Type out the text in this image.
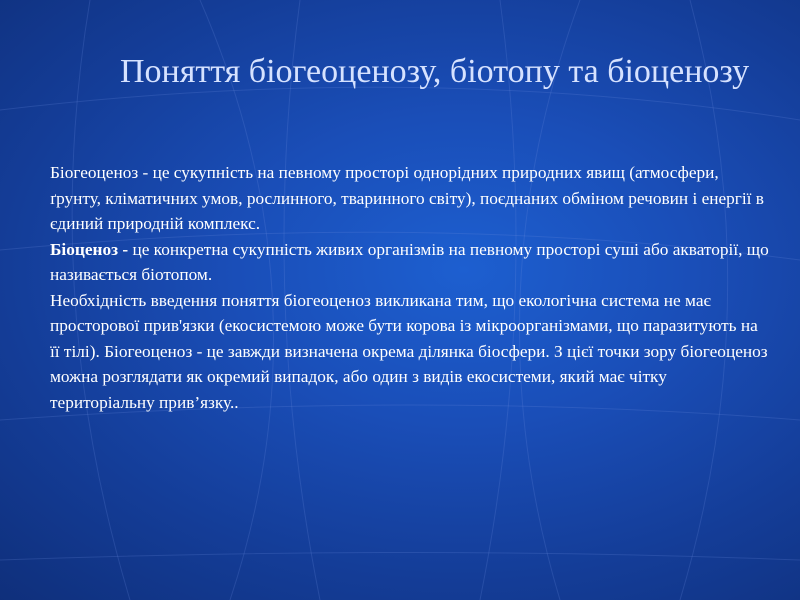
Поняття біогеоценозу, біотопу та біоценозу

Біогеоценоз - це сукупність на певному просторі однорідних природних явищ (атмосфери, ґрунту, кліматичних умов, рослинного, тваринного світу), поєднаних обміном речовин і енергії в єдиний природній комплекс.

Біоценоз - це конкретна сукупність живих організмів на певному просторі суші або акваторії, що називається біотопом.

Необхідність введення поняття біогеоценоз викликана тим, що екологічна система не має просторової прив'язки (екосистемою може бути корова із мікроорганізмами, що паразитують на її тілі). Біогеоценоз - це завжди визначена окрема ділянка біосфери. З цієї точки зору біогеоценоз можна розглядати як окремий випадок, або один з видів екосистеми, який має чітку територіальну прив’язку..
